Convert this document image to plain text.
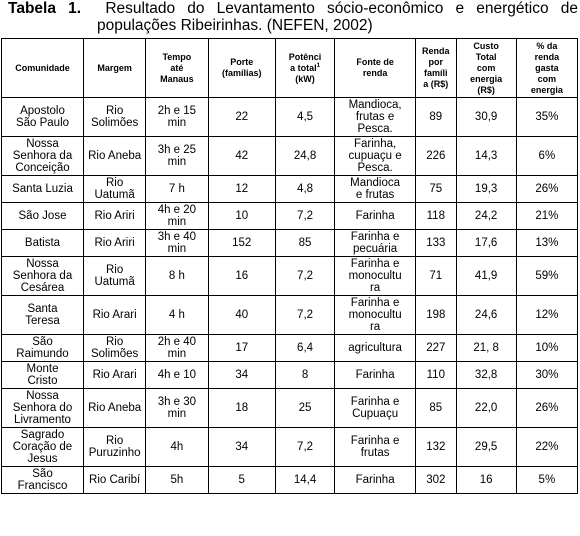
Tabela 1. Resultado do Levantamento sócio-econômico e energético de
populações Ribeirinhas. (NEFEN, 2002)
Comunidade	Margem	Tempo
até
Manaus	Porte
(famílias)	Potênci
a total$^1$
(kW)	Fonte de
renda	Renda
por
famíli
a (R$)	Custo
Total
com
energia
(R$)	% da
renda
gasta
com
energia
Apostolo
São Paulo	Rio
Solimões	2h e 15
min	22	4,5	Mandioca,
frutas e
Pesca.	89	30,9	35%
Nossa
Senhora da
Conceição	Rio Aneba	3h e 25
min	42	24,8	Farinha,
cupuaçu e
Pesca.	226	14,3	6%
Santa Luzia	Rio
Uatumã	7 h	12	4,8	Mandioca
e frutas	75	19,3	26%
São Jose	Rio Ariri	4h e 20
min	10	7,2	Farinha	118	24,2	21%
Batista	Rio Ariri	3h e 40
min	152	85	Farinha e
pecuária	133	17,6	13%
Nossa
Senhora da
Cesárea	Rio
Uatumã	8 h	16	7,2	Farinha e
monocultu
ra	71	41,9	59%
Santa
Teresa	Rio Arari	4 h	40	7,2	Farinha e
monocultu
ra	198	24,6	12%
São
Raimundo	Rio
Solimões	2h e 40
min	17	6,4	agricultura	227	21, 8	10%
Monte
Cristo	Rio Arari	4h e 10	34	8	Farinha	110	32,8	30%
Nossa
Senhora do
Livramento	Rio Aneba	3h e 30
min	18	25	Farinha e
Cupuaçu	85	22,0	26%
Sagrado
Coração de
Jesus	Rio
Puruzinho	4h	34	7,2	Farinha e
frutas	132	29,5	22%
São
Francisco	Rio Caribí	5h	5	14,4	Farinha	302	16	5%
